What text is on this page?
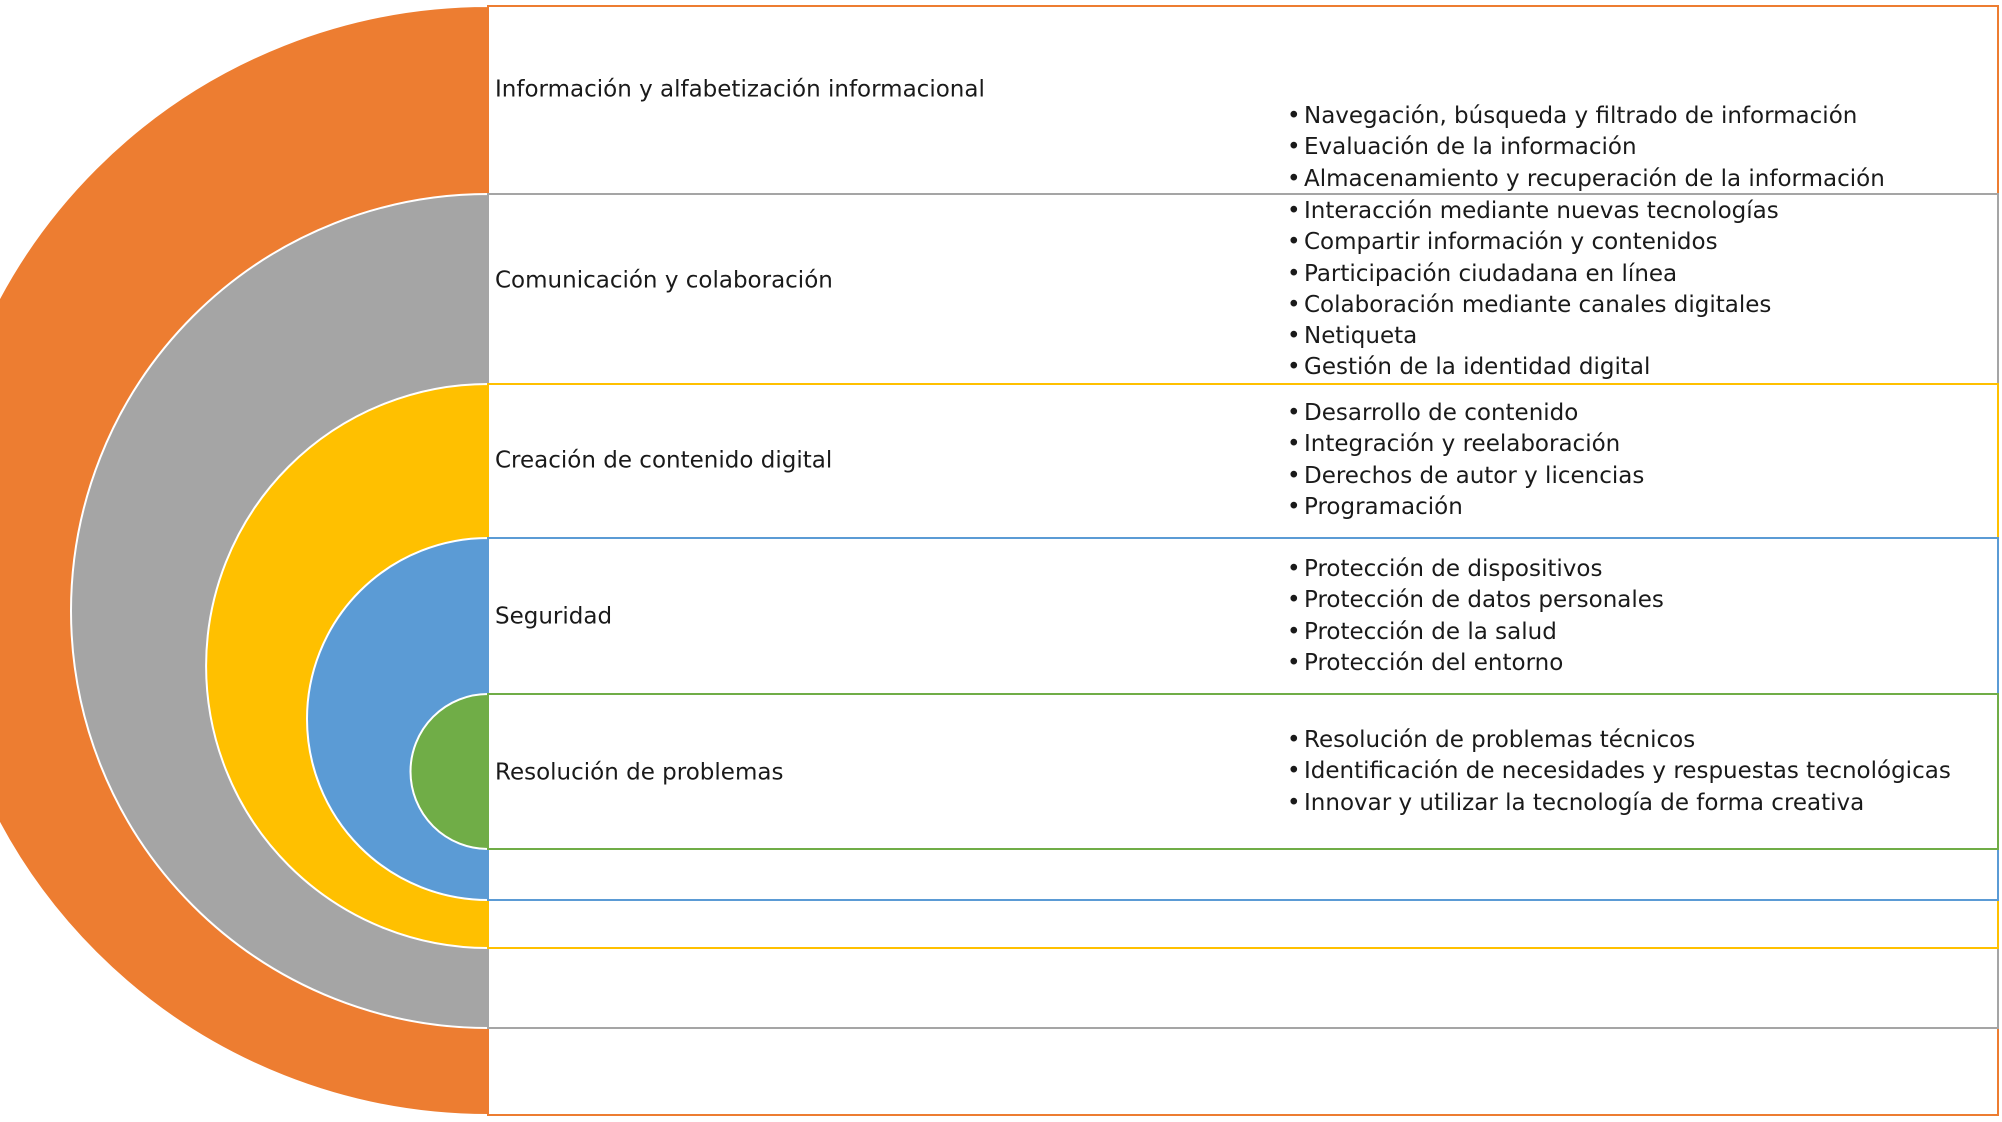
Información y alfabetización informacional
• Navegación, búsqueda y filtrado de información
• Evaluación de la información
• Almacenamiento y recuperación de la información
Comunicación y colaboración
• Interacción mediante nuevas tecnologías
• Compartir información y contenidos
• Participación ciudadana en línea
• Colaboración mediante canales digitales
• Netiqueta
• Gestión de la identidad digital
Creación de contenido digital
• Desarrollo de contenido
• Integración y reelaboración
• Derechos de autor y licencias
• Programación
Seguridad
• Protección de dispositivos
• Protección de datos personales
• Protección de la salud
• Protección del entorno
Resolución de problemas
• Resolución de problemas técnicos
• Identificación de necesidades y respuestas tecnológicas
• Innovar y utilizar la tecnología de forma creativa
